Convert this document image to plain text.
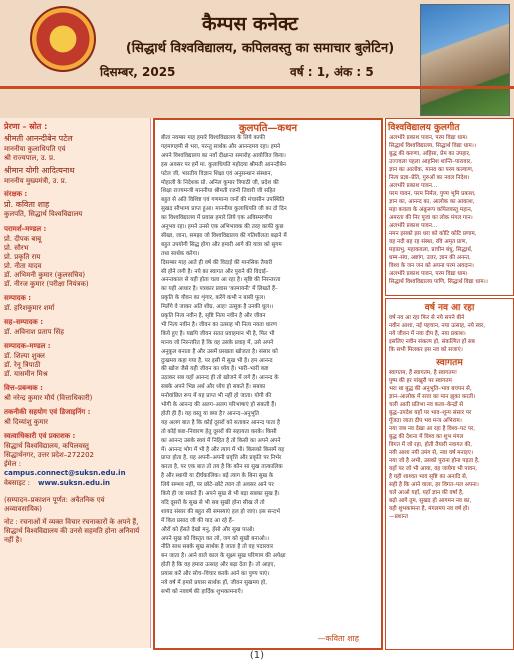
कैम्पस कनेक्ट
(सिद्धार्थ विश्वविद्यालय, कपिलवस्तु का समाचार बुलेटिन)
दिसम्बर, 2025	वर्ष : 1, अंक : 5
प्रेरणा – स्रोत :
श्रीमती आनन्दीबेन पटेल
माननीया कुलाधिपति एवं
श्री राज्यपाल, उ. प्र.
श्रीमान योगी आदित्यनाथ
माननीय मुख्यमंत्री, उ. प्र.
संरक्षक :
प्रो. कविता शाह
कुलपति, सिद्धार्थ विश्वविद्यालय
परामर्श–मण्डल :
प्रो. दीपक बाबू
प्रो. सौरभ
प्रो. प्रकृति राय
प्रो. नीता यादव
डॉ. अभिमनी कुमार (कुलसचिव)
डॉ. नीरज कुमार (परीक्षा नियंत्रक)
सम्पादक :
डॉ. हरिशकुमार शर्मा
सह–सम्पादक :
डॉ. अविनाश प्रताप सिंह
सम्पादक–मण्डल :
डॉ. शिल्पा शुक्ल
डॉ. रेनू त्रिपाठी
डॉ. यासमीन मिश्र
वित्त–प्रबन्धक :
श्री नरेन्द्र कुमार मौर्य (वित्ताधिकारी)
तकनीकी सहयोग एवं डिजाइनिंग :
श्री दिव्यांशु कुमार
स्वत्वाधिकारी एवं प्रकाशक :
सिद्धार्थ विश्वविद्यालय, कपिलवस्तु
सिद्धार्थनगर, उत्तर प्रदेश–272202
ईमेल :
campus.connect@suksn.edu.in
वेबसाइट : www.suksn.edu.in
(सम्पादन–प्रकाशन पूर्णत: अवैतनिक एवं अव्यावसायिक)
नोट : रचनाओं में व्यक्त विचार रचनाकारों के अपने हैं, सिद्धार्थ विश्वविद्यालय की उनसे सहमति होना अनिवार्य नहीं है।
कुलपति—कथन
बीता नवम्बर माह हमारे विश्वविद्यालय के लिये काफी
गहमागहमी से भरा, परन्तु सार्थक और आनन्दमय रहा। हमने
अपने विश्वविद्यालय का नवाँ दीक्षान्त समारोह आयोजित किया।
इस अवसर पर हमें मा. कुलाधिपति महोदया श्रीमती आनन्दीबेन
पटेल जी, भारतीय विज्ञान शिक्षा एवं अनुसन्धान संस्थान,
मोहाली के निदेशक प्रो. अनिल कुमार त्रिपाठी जी, प्रदेश की
शिक्षा राज्यमन्त्री माननीया श्रीमती रजनी तिवारी जी सहित
बहुत से अति विशिष्ट एवं गणमान्य जनों की मंचासीन उपस्थिति
सुखद सौभाग्य प्राप्त हुआ। माननीया कुलाधिपति जी का दो दिन
का विश्वविद्यालय में प्रवास हमारे लिये एक अविस्मरणीय
अनुभव रहा। हमने उनसे एक अभिभावक की तरह काफी कुछ
सीखा, जाना, समझा जो विश्वविद्यालय की गतिशीलता बढ़ाने में
बहुत उपयोगी सिद्ध होगा और हमारी आगे की यात्रा को सुगम
तथा सार्थक करेगा।
दिसम्बर माह आते ही वर्ष की विदाई की मानसिक तैयारी
सी होने लगी है। नये का स्वागत और पुराने की विदाई–
अनन्तकाल से यही होता चला आ रहा है। सृष्टि की निरन्तरता
का यही आधार है। पत्रकार प्रवास 'कामायनी' में लिखते हैं–
प्रकृति के यौवन का शृंगार, करेंगे कभी न बासी फूल।
मिलेंगे वे जाकर अति शीघ्र, आह! उत्सुक है उनकी धूल।।
प्रकृति नित्य नवीन है, सृष्टि नित्य नवीन है और जीवन
भी नित्य नवीन है। जीवन का उत्साह भी नित्य नयता धारण
किये हुए है। यद्यपि जीवन सतत प्रवाहमान भी है, फिर भी
मानव जो निरन्तरित है कि वह उसके प्रवाह में, उसे अपने
अनुकूल बनाता है और उसमें प्रसन्नता खोजता है। संसार को
दुःखमय कहा गया है, पर इसी में सुख भी है। हम आनन्द
की खोज जैसे यही जीवन का ध्येय है। भारी–भारी कष्ट
उठाकर सब यहाँ आनन्द ही तो खोजने में लगे हैं। आनन्द के
सबके अपने भिन्न अर्थ और ध्येय हो सकते हैं। सबका
मनोवांछित रूप में यह प्राप्त भी नहीं हो जाता। योगी की
भोगी के आनन्द की अलग–अलग परिभाषाएं हो सकती हैं।
होती ही हैं। यह वस्तु या क्या है? आनन्द–अनुभूति
यह अलग बात है कि कोई दूसरों को सताकर आनन्द पाता है
तो कोई कष्ट–निवारण हेतु दूसरों की सहायता करके। किसी
का आनन्द उसके स्वयं में निहित है तो किसी का अपने अपने
में। आनन्द भोग में भी है और त्याग में भी। किसको किसमें यह
प्राप्त होता है, यह अपनी–अपनी प्रवृत्ति और प्रकृति पर निर्भर
करता है, पर एक बात तो तय है कि कौन सा सुख तात्कालिक
है और स्थायी या दीर्घकालिक। बड़े त्याग के बिना सुख के
लिये सम्भव नहीं, पर छोटे–छोटे त्याग तो अवसर आने पर
किये ही जा सकते हैं। अपने सुख से भी बड़ा सबका सुख है।
यदि दूसरों के सुख से भी सब सुखी होना सीख लें तो
शायद संसार की बहुत सी समस्याएं हल हो जाएं। इस सन्दर्भ
में किव प्रसाद जी की याद आ रहे हैं–
औरों को हँसते देखो मनु, हँसो और सुख पाओ।
अपने सुख को विस्तृत कर लो, जग को सुखी बनाओ।।
नीति साथ सबके सुख सार्थक है जाता है तो वह पदारवार
बन जाता है। आने वाले काल के सूक्ष्म सुख परिणाम की अपेक्षा
होती है कि वह हमारा उत्साह और बढ़ा देता है। तो आइए,
प्रयास करें और सोच–विचार करके आने का पुण्य पाएं।
नये वर्ष में हमारे प्रयास सार्थक हों, जीवन सुखमय हो,
सभी को नववर्ष की हार्दिक शुभकामनाएँ।
—कविता शाह
विश्वविद्यालय कुलगीत
अलभोरे प्रकाश पावन, परम विद्या धाम।
सिद्धार्थ विश्वविद्यालय, सिद्धार्थ विद्या धाम।।
बुद्ध की करुणा, अहिंसा, प्रेम का उपहार,
उज्ज्वला पहला आहनिश शान्ति–पारावार,
ज्ञान का आलोक, मानव का परम कल्याण,
नित्य प्रज्ञा–प्रेति, गुरुओं का नवल निदेश।
अलभोरे प्रकाश पावन...
परम पावन, परम निर्मल, पुण्य भूमि प्रकाश,
ज्ञान का, आनन्द का, आलोक का आकाश,
महा कवला के अंक़ुरूप कपिलवस्तु महान,
अमरता की निर पूजा का लोक मंगल गान।
अलभोरे प्रकाश पावन...
नमन इसको इस धरा को कोटि कोटि प्रणाम,
यह नदी बह रह संस्था, रवि अमृत प्राण,
महाप्रभु, महाकवला, प्राचीन बंधु, सिद्धार्थ,
धम्म–संघ, अष्टांग, उत्तर, ज्ञान की अनन्त,
विश्व के जन जन को अपना परम अवदान।
अलभोरे प्रकाश पावन, परम विद्या धाम।
सिद्धार्थ विश्वविद्यालय पाणि, सिद्धार्थ विद्या धाम।।
वर्ष नव आ रहा
वर्ष नव आ रहा फिर से नये सपने बीने
नवीन आशा, नई पहचान, नया उत्साह, नये स्वर,
नये जीवन में नया दीप है, नया प्रकाश।
इसलिए नवीन संकल्प हो, संकल्पित हों सब
कि सभी मिलकर इस नव को सजाएं।
स्वागतम
स्वागतम, हैं स्वागतम, है स्वागतम!
पुष्प की हर पांखुरी पर स्वागतम
भरा था बुद्ध की अनुभूति–भाव बचपन से,
ज्ञान–आलोक में सत्ता का मान झुका करती।
चली आती प्रतिभा नव कला–केन्द्रों से
बुद्ध–उपदेश यहाँ पर भाव–शून्य संसार पर
गूँजता जाता दीप भव मन्त्र अभिराम।
नया जब नव देखा आ रहा है विश्व–पट पर,
बुद्ध की देशना में विश्व का शुभ मंगल
विगत में जो रहा, होती तैयारी नवागत की,
नयी आशा नयी उमंग से, नवा वर्ष मनाइए।
नया जो है अभी, उसको पुराना होना पड़ता है,
यहाँ पर जो भी आया, वह जायेगा भी पावन,
है यही शाश्वत भाव सृष्टि का अनादि से,
सही है कि आने वाला, हर विगत–पल अपना।
चले आओ यहाँ, यहाँ ज्ञान की वर्षा है,
बढ़ो आगे तुम, सुखद हो आगमन नव का,
यही शुभकामना है, मंगलमय नव वर्ष हो।
—प्रशान्त
(1)
